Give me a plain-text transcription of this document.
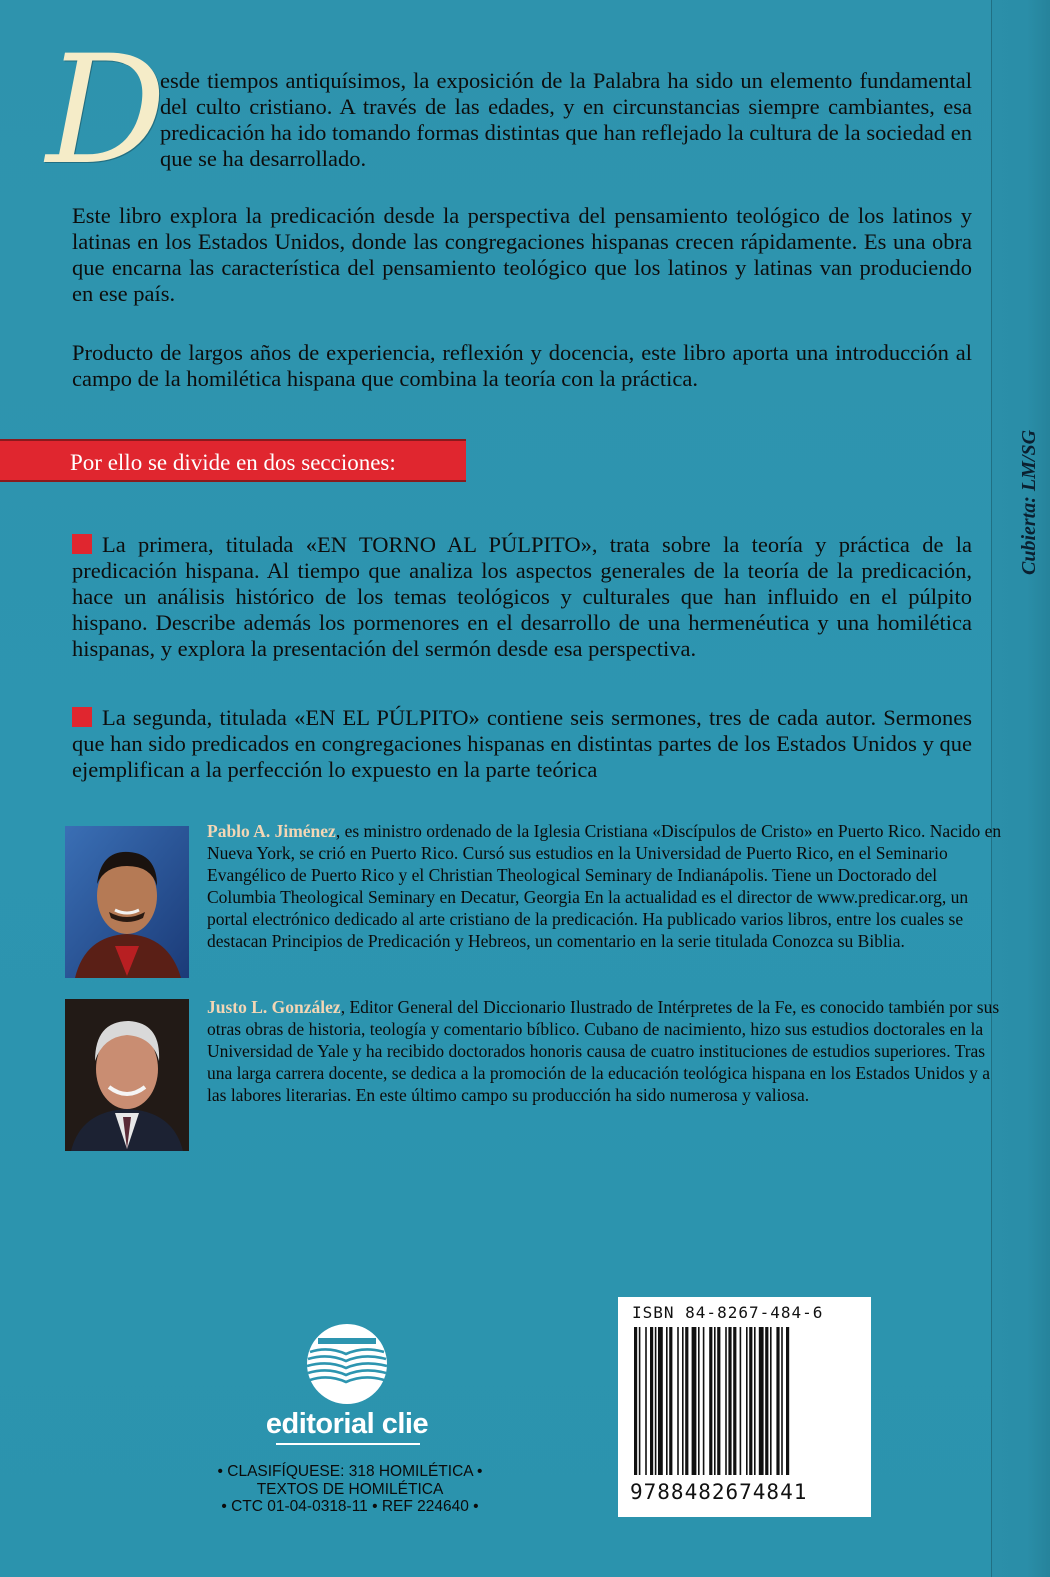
D
esde tiempos antiquísimos, la exposición de la Palabra ha sido un elemento fundamental del culto cristiano. A través de las edades, y en circunstancias siempre cambiantes, esa predicación ha ido tomando formas distintas que han reflejado la cultura de la sociedad en que se ha desarrollado.
Este libro explora la predicación desde la perspectiva del pensamiento teológico de los latinos y latinas en los Estados Unidos, donde las congregaciones hispanas crecen rápidamente. Es una obra que encarna las característica del pensamiento teológico que los latinos y latinas van produciendo en ese país.
Producto de largos años de experiencia, reflexión y docencia, este libro aporta una introducción al campo de la homilética hispana que combina la teoría con la práctica.
Por ello se divide en dos secciones:
La primera, titulada «EN TORNO AL PÚLPITO», trata sobre la teoría y práctica de la predicación hispana. Al tiempo que analiza los aspectos generales de la teoría de la predicación, hace un análisis histórico de los temas teológicos y culturales que han influido en el púlpito hispano. Describe además los pormenores en el desarrollo de una hermenéutica y una homilética hispanas, y explora la presentación del sermón desde esa perspectiva.
La segunda, titulada «EN EL PÚLPITO» contiene seis sermones, tres de cada autor. Sermones que han sido predicados en congregaciones hispanas en distintas partes de los Estados Unidos y que ejemplifican a la perfección lo expuesto en la parte teórica
Pablo A. Jiménez, es ministro ordenado de la Iglesia Cristiana «Discípulos de Cristo» en Puerto Rico. Nacido en Nueva York, se crió en Puerto Rico. Cursó sus estudios en la Universidad de Puerto Rico, en el Seminario Evangélico de Puerto Rico y el Christian Theological Seminary de Indianápolis. Tiene un Doctorado del Columbia Theological Seminary en Decatur, Georgia En la actualidad es el director de www.predicar.org, un portal electrónico dedicado al arte cristiano de la predicación. Ha publicado varios libros, entre los cuales se destacan Principios de Predicación y Hebreos, un comentario en la serie titulada Conozca su Biblia.
Justo L. González, Editor General del Diccionario Ilustrado de Intérpretes de la Fe, es conocido también por sus otras obras de historia, teología y comentario bíblico. Cubano de nacimiento, hizo sus estudios doctorales en la Universidad de Yale y ha recibido doctorados honoris causa de cuatro instituciones de estudios superiores. Tras una larga carrera docente, se dedica a la promoción de la educación teológica hispana en los Estados Unidos y a las labores literarias. En este último campo su producción ha sido numerosa y valiosa.
Cubierta: LM/SG
editorial clie
• CLASIFÍQUESE: 318 HOMILÉTICA •
TEXTOS DE HOMILÉTICA
• CTC 01-04-0318-11 • REF 224640 •
ISBN 84-8267-484-6
9788482674841
